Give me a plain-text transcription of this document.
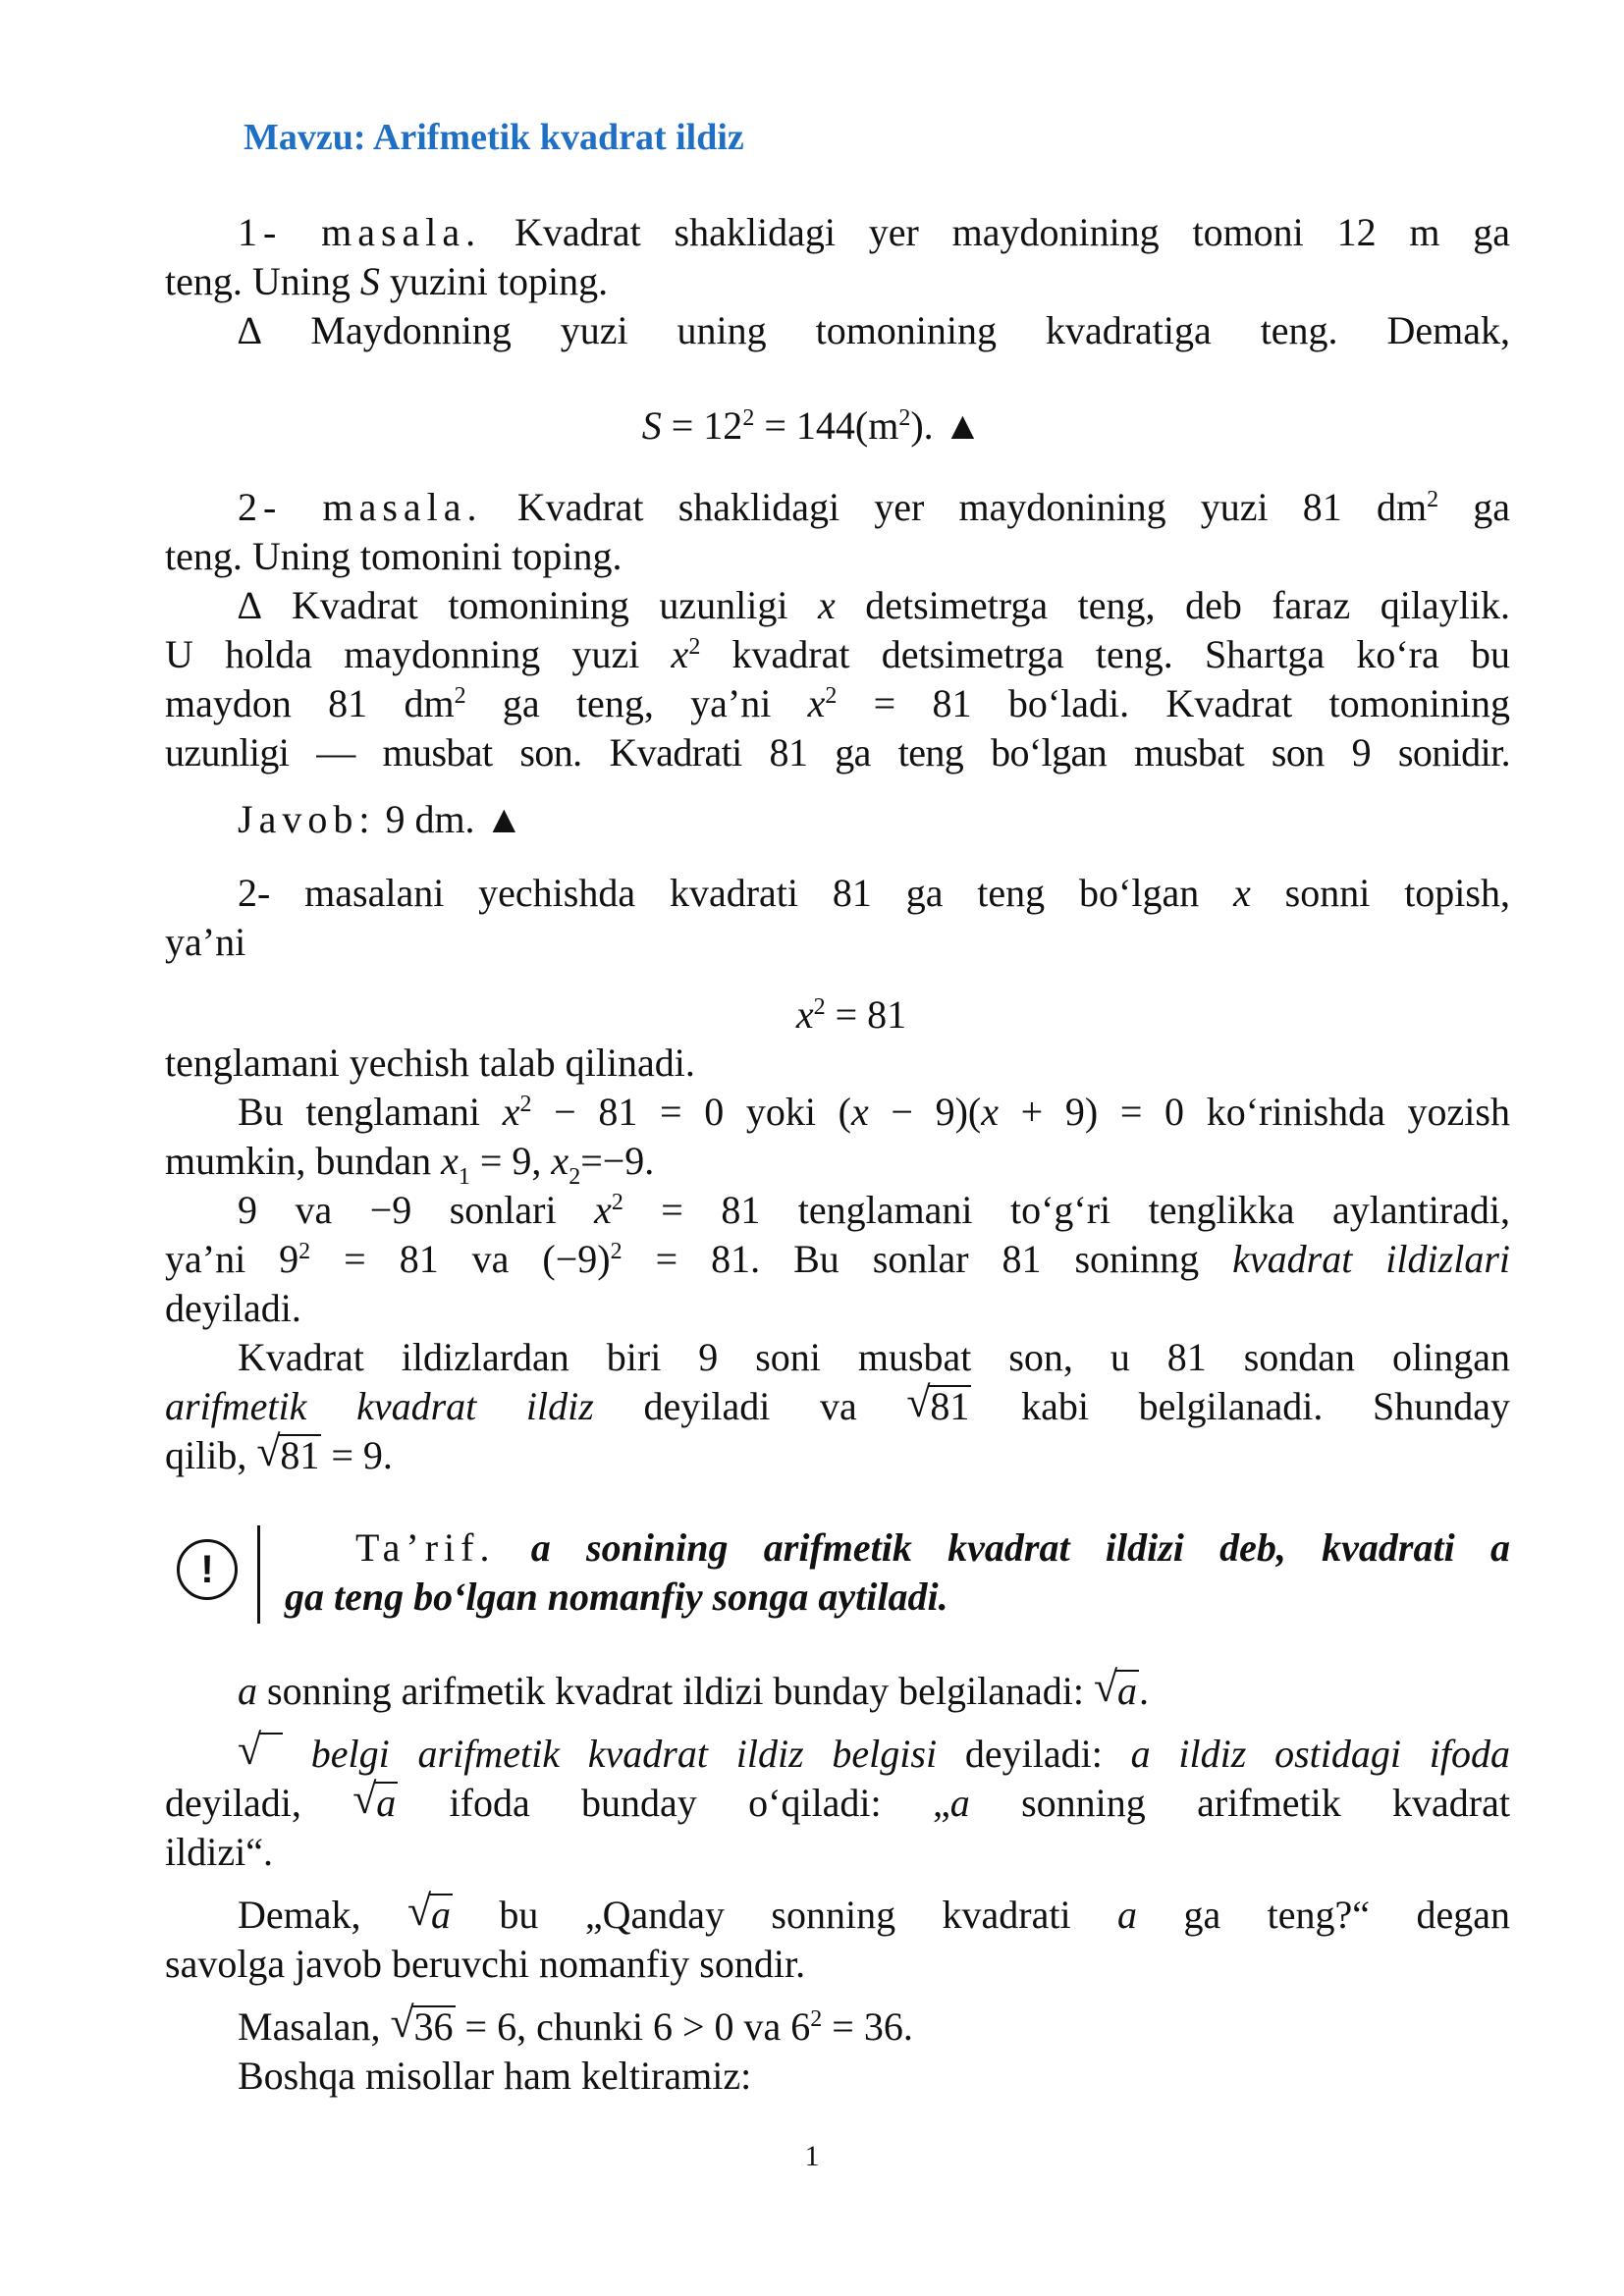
Mavzu: Arifmetik kvadrat ildiz
1- masala. Kvadrat shaklidagi yer maydonining tomoni 12 m ga
teng. Uning S yuzini toping.
∆ Maydonning yuzi uning tomonining kvadratiga teng. Demak,
$S = 12^2 = 144(m^2)$. ▲
2- masala. Kvadrat shaklidagi yer maydonining yuzi 81 $dm^2$ ga
teng. Uning tomonini toping.
∆ Kvadrat tomonining uzunligi x detsimetrga teng, deb faraz qilaylik.
U holda maydonning yuzi $x^2$ kvadrat detsimetrga teng. Shartga ko‘ra bu
maydon 81 $dm^2$ ga teng, ya’ni $x^2 = 81$ bo‘ladi. Kvadrat tomonining
uzunligi — musbat son. Kvadrati 81 ga teng bo‘lgan musbat son 9 sonidir.
Javob: 9 dm. ▲
2- masalani yechishda kvadrati 81 ga teng bo‘lgan x sonni topish,
ya’ni
$x^2 = 81$
tenglamani yechish talab qilinadi.
Bu tenglamani $x^2 - 81 = 0$ yoki (x − 9)(x + 9) = 0 ko‘rinishda yozish
mumkin, bundan $x_1 = 9$, $x_2=-9$.
9 va −9 sonlari $x^2 = 81$ tenglamani to‘g‘ri tenglikka aylantiradi,
ya’ni $9^2 = 81$ va $(-9)^2 = 81$. Bu sonlar 81 soninng kvadrat ildizlari
deyiladi.
Kvadrat ildizlardan biri 9 soni musbat son, u 81 sondan olingan
arifmetik kvadrat ildiz deyiladi va √ 81 kabi belgilanadi. Shunday
qilib, √ 81 = 9.
!	Ta’rif. a sonining arifmetik kvadrat ildizi deb, kvadrati a
ga teng bo‘lgan nomanfiy songa aytiladi.
a sonning arifmetik kvadrat ildizi bunday belgilanadi: √ a.
√ belgi arifmetik kvadrat ildiz belgisi deyiladi: a ildiz ostidagi ifoda
deyiladi, √ a ifoda bunday o‘qiladi: „a sonning arifmetik kvadrat
ildizi“.
Demak, √ a bu „Qanday sonning kvadrati a ga teng?“ degan
savolga javob beruvchi nomanfiy sondir.
Masalan, √ 36 = 6, chunki 6 > 0 va $6^2 = 36$.
Boshqa misollar ham keltiramiz:
1
